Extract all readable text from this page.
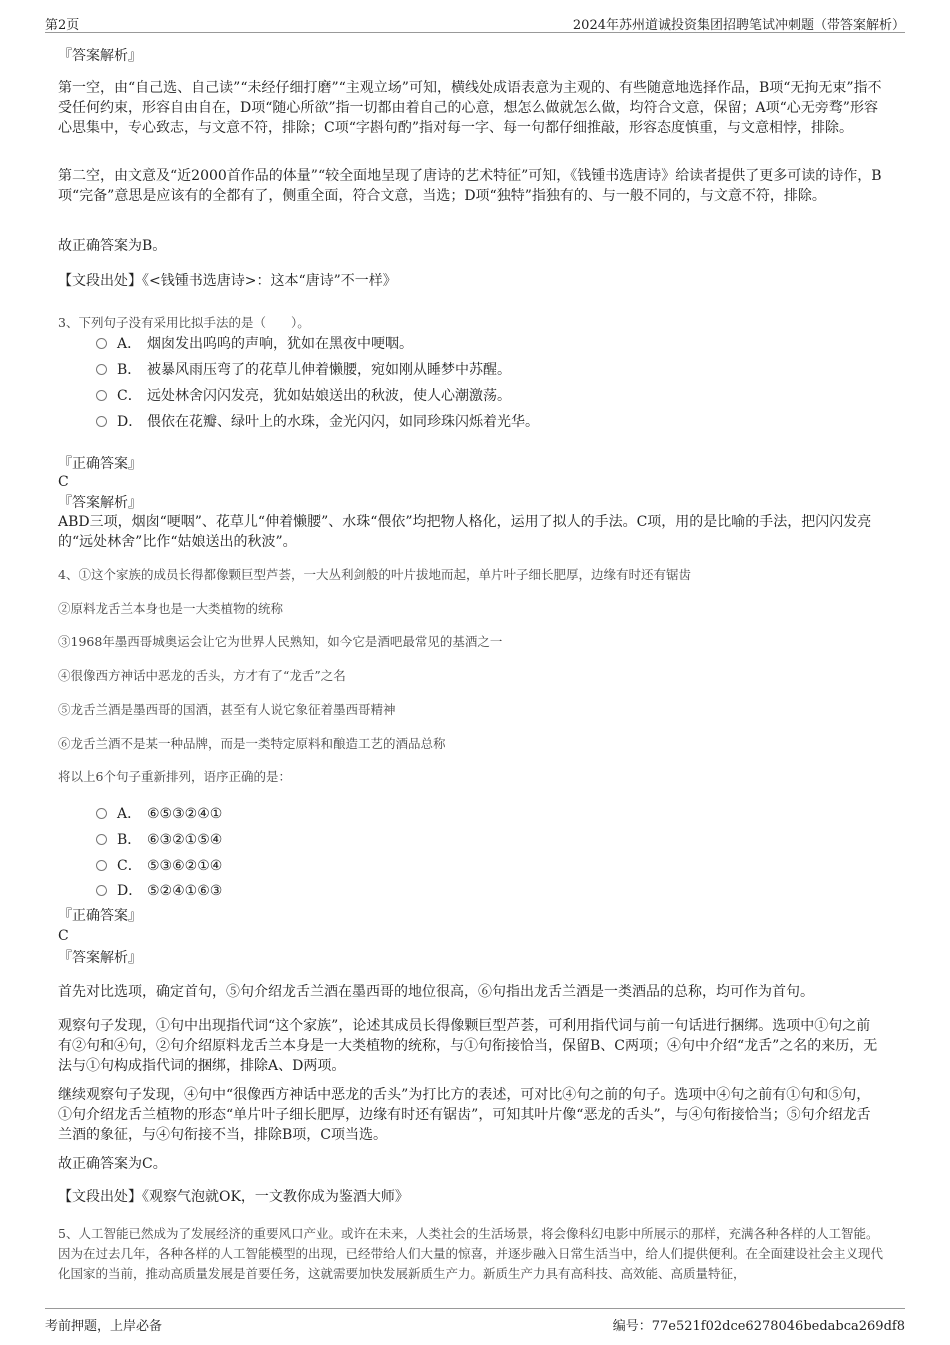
第2页	2024年苏州道诚投资集团招聘笔试冲刺题（带答案解析）

『答案解析』

第一空，由“自己选、自己读”“未经仔细打磨”“主观立场”可知，横线处成语表意为主观的、有些随意地选择作品，B项“无拘无束”指不受任何约束，形容自由自在，D项“随心所欲”指一切都由着自己的心意，想怎么做就怎么做，均符合文意，保留；A项“心无旁骛”形容心思集中，专心致志，与文意不符，排除；C项“字斟句酌”指对每一字、每一句都仔细推敲，形容态度慎重，与文意相悖，排除。

第二空，由文意及“近2000首作品的体量”“较全面地呈现了唐诗的艺术特征”可知，《钱锺书选唐诗》给读者提供了更多可读的诗作，B项“完备”意思是应该有的全都有了，侧重全面，符合文意，当选；D项“独特”指独有的、与一般不同的，与文意不符，排除。

故正确答案为B。

【文段出处】《<钱锺书选唐诗>：这本“唐诗”不一样》

3、下列句子没有采用比拟手法的是（　　）。

A． 烟囱发出呜呜的声响，犹如在黑夜中哽咽。
B． 被暴风雨压弯了的花草儿伸着懒腰，宛如刚从睡梦中苏醒。
C． 远处林舍闪闪发亮，犹如姑娘送出的秋波，使人心潮激荡。
D． 偎依在花瓣、绿叶上的水珠，金光闪闪，如同珍珠闪烁着光华。

『正确答案』

C

『答案解析』

ABD三项，烟囱“哽咽”、花草儿“伸着懒腰”、水珠“偎依”均把物人格化，运用了拟人的手法。C项，用的是比喻的手法，把闪闪发亮的“远处林舍”比作“姑娘送出的秋波”。

4、①这个家族的成员长得都像颗巨型芦荟，一大丛利剑般的叶片拔地而起，单片叶子细长肥厚，边缘有时还有锯齿

②原料龙舌兰本身也是一大类植物的统称

③1968年墨西哥城奥运会让它为世界人民熟知，如今它是酒吧最常见的基酒之一

④很像西方神话中恶龙的舌头，方才有了“龙舌”之名

⑤龙舌兰酒是墨西哥的国酒，甚至有人说它象征着墨西哥精神

⑥龙舌兰酒不是某一种品牌，而是一类特定原料和酿造工艺的酒品总称

将以上6个句子重新排列，语序正确的是：

A． ⑥⑤③②④①
B． ⑥③②①⑤④
C． ⑤③⑥②①④
D． ⑤②④①⑥③

『正确答案』

C

『答案解析』

首先对比选项，确定首句，⑤句介绍龙舌兰酒在墨西哥的地位很高，⑥句指出龙舌兰酒是一类酒品的总称，均可作为首句。

观察句子发现，①句中出现指代词“这个家族”，论述其成员长得像颗巨型芦荟，可利用指代词与前一句话进行捆绑。选项中①句之前有②句和④句，②句介绍原料龙舌兰本身是一大类植物的统称，与①句衔接恰当，保留B、C两项；④句中介绍“龙舌”之名的来历，无法与①句构成指代词的捆绑，排除A、D两项。

继续观察句子发现，④句中“很像西方神话中恶龙的舌头”为打比方的表述，可对比④句之前的句子。选项中④句之前有①句和⑤句，①句介绍龙舌兰植物的形态“单片叶子细长肥厚，边缘有时还有锯齿”，可知其叶片像“恶龙的舌头”，与④句衔接恰当；⑤句介绍龙舌兰酒的象征，与④句衔接不当，排除B项，C项当选。

故正确答案为C。

【文段出处】《观察气泡就OK，一文教你成为鉴酒大师》

5、人工智能已然成为了发展经济的重要风口产业。或许在未来，人类社会的生活场景，将会像科幻电影中所展示的那样，充满各种各样的人工智能。因为在过去几年，各种各样的人工智能模型的出现，已经带给人们大量的惊喜，并逐步融入日常生活当中，给人们提供便利。在全面建设社会主义现代化国家的当前，推动高质量发展是首要任务，这就需要加快发展新质生产力。新质生产力具有高科技、高效能、高质量特征，

考前押题，上岸必备	编号：77e521f02dce6278046bedabca269df8
